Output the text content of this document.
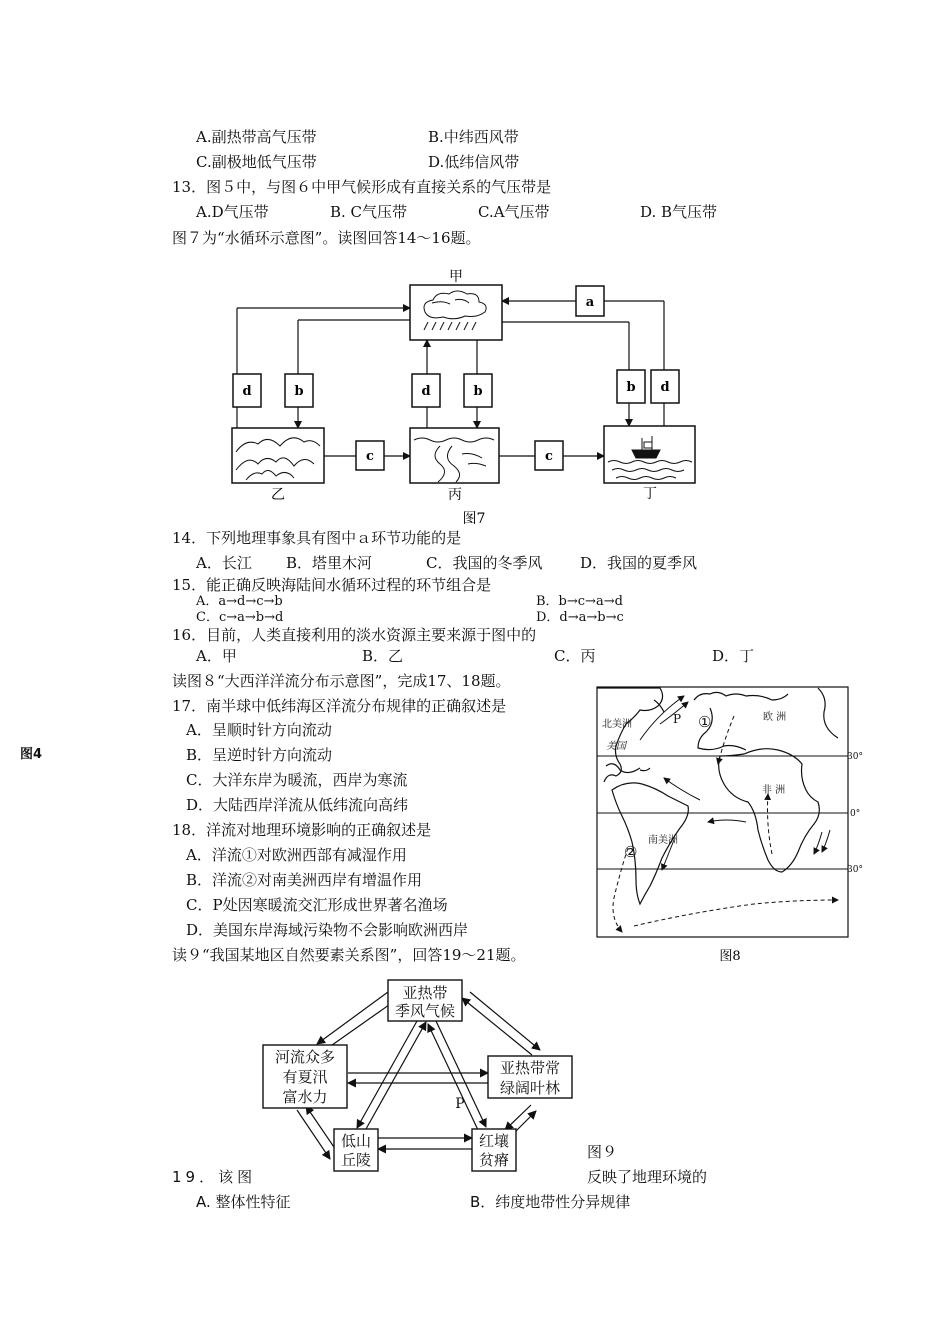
A.副热带高气压带	B.中纬西风带
C.副极地低气压带	D.低纬信风带
13．图５中，与图６中甲气候形成有直接关系的气压带是
A.D气压带	B. C气压带	C.A气压带	D. B气压带
图７为“水循环示意图”。读图回答14～16题。
a
d	b	d	b	b d
c	c
甲
乙	丙	丁
图7
14．下列地理事象具有图中ａ环节功能的是
A．长江 B．塔里木河	C．我国的冬季风	D．我国的夏季风
15．能正确反映海陆间水循环过程的环节组合是
A．a→d→c→b	B．b→c→a→d
C．c→a→b→d	D．d→a→b→c
16．目前，人类直接利用的淡水资源主要来源于图中的
A．甲	B．乙	C．丙	D．丁
读图８“大西洋洋流分布示意图”，完成17、18题。
图4
17．南半球中低纬海区洋流分布规律的正确叙述是
A．呈顺时针方向流动
B．呈逆时针方向流动
C．大洋东岸为暖流，西岸为寒流
D．大陆西岸洋流从低纬流向高纬
18．洋流对地理环境影响的正确叙述是
A．洋流①对欧洲西部有减湿作用
B．洋流②对南美洲西岸有增温作用
C．P处因寒暖流交汇形成世界著名渔场
D．美国东岸海域污染物不会影响欧洲西岸
读９“我国某地区自然要素关系图”，回答19～21题。
北美洲
美国
欧 洲
非 洲
南美洲
P ①
②
30°
0°
30°
图8
亚热带
季风气候
河流众多
有夏汛
富水力
亚热带常
绿阔叶林
低山
丘陵
红壤
贫瘠
P
图９
19．该图	反映了地理环境的
A. 整体性特征	B．纬度地带性分异规律
